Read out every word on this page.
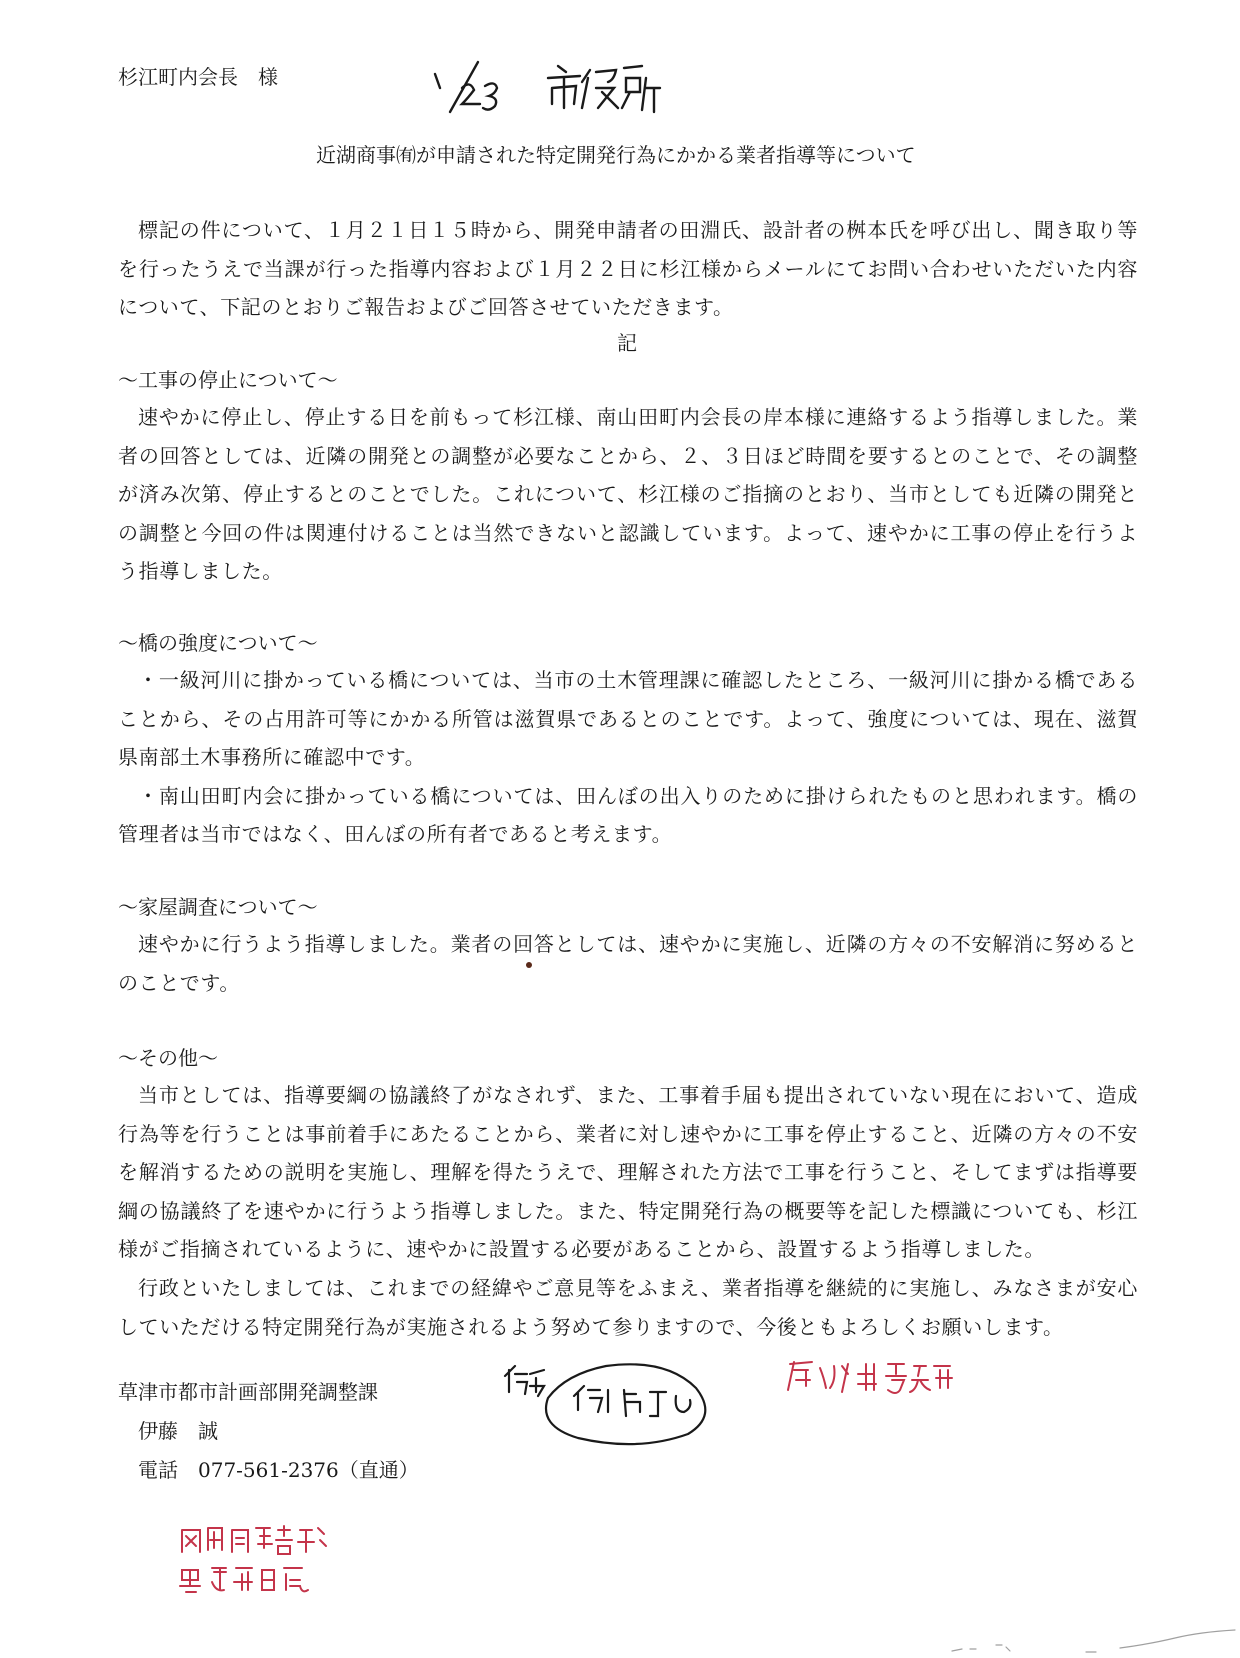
杉江町内会長　様
近湖商事㈲が申請された特定開発行為にかかる業者指導等について

標記の件について、１月２１日１５時から、開発申請者の田淵氏、設計者の桝本氏を呼び出し、聞き取り等を行ったうえで当課が行った指導内容および１月２２日に杉江様からメールにてお問い合わせいただいた内容について、下記のとおりご報告およびご回答させていただきます。

記
～工事の停止について～

速やかに停止し、停止する日を前もって杉江様、南山田町内会長の岸本様に連絡するよう指導しました。業者の回答としては、近隣の開発との調整が必要なことから、２、３日ほど時間を要するとのことで、その調整が済み次第、停止するとのことでした。これについて、杉江様のご指摘のとおり、当市としても近隣の開発との調整と今回の件は関連付けることは当然できないと認識しています。よって、速やかに工事の停止を行うよう指導しました。

～橋の強度について～

・一級河川に掛かっている橋については、当市の土木管理課に確認したところ、一級河川に掛かる橋であることから、その占用許可等にかかる所管は滋賀県であるとのことです。よって、強度については、現在、滋賀県南部土木事務所に確認中です。

・南山田町内会に掛かっている橋については、田んぼの出入りのために掛けられたものと思われます。橋の管理者は当市ではなく、田んぼの所有者であると考えます。

～家屋調査について～

速やかに行うよう指導しました。業者の回答としては、速やかに実施し、近隣の方々の不安解消に努めるとのことです。

～その他～

当市としては、指導要綱の協議終了がなされず、また、工事着手届も提出されていない現在において、造成行為等を行うことは事前着手にあたることから、業者に対し速やかに工事を停止すること、近隣の方々の不安を解消するための説明を実施し、理解を得たうえで、理解された方法で工事を行うこと、そしてまずは指導要綱の協議終了を速やかに行うよう指導しました。また、特定開発行為の概要等を記した標識についても、杉江様がご指摘されているように、速やかに設置する必要があることから、設置するよう指導しました。

行政といたしましては、これまでの経緯やご意見等をふまえ、業者指導を継続的に実施し、みなさまが安心していただける特定開発行為が実施されるよう努めて参りますので、今後ともよろしくお願いします。

草津市都市計画部開発調整課
伊藤　誠
電話　077-561-2376（直通）
